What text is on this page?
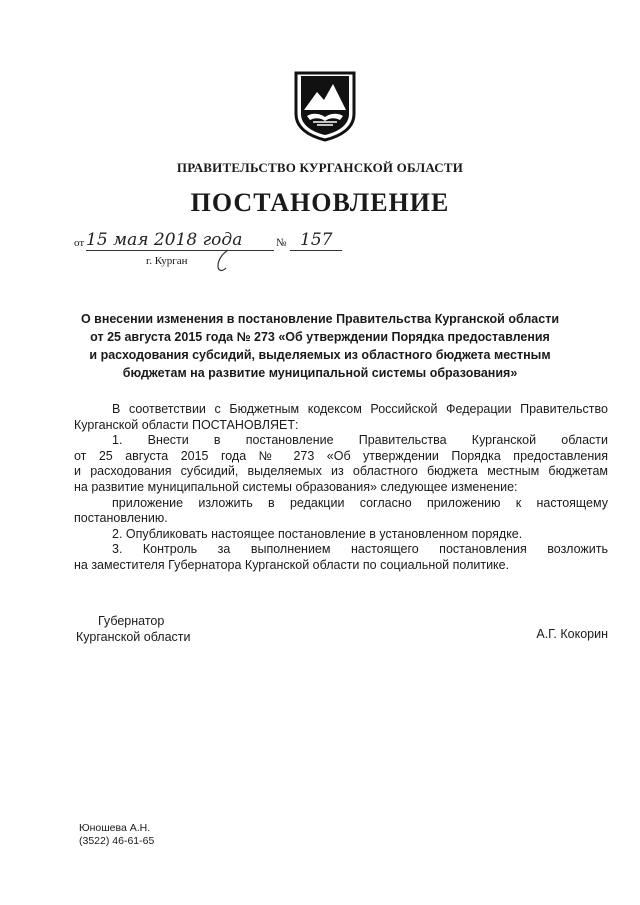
ПРАВИТЕЛЬСТВО КУРГАНСКОЙ ОБЛАСТИ
ПОСТАНОВЛЕНИЕ
от 15 мая 2018 года	№ 157
г. Курган
О внесении изменения в постановление Правительства Курганской области
от 25 августа 2015 года № 273 «Об утверждении Порядка предоставления
и расходования субсидий, выделяемых из областного бюджета местным
бюджетам на развитие муниципальной системы образования»

В соответствии с Бюджетным кодексом Российской Федерации Правительство

Курганской области ПОСТАНОВЛЯЕТ:

1. Внести в постановление Правительства Курганской области

от 25 августа 2015 года № 273 «Об утверждении Порядка предоставления

и расходования субсидий, выделяемых из областного бюджета местным бюджетам

на развитие муниципальной системы образования» следующее изменение:

приложение изложить в редакции согласно приложению к настоящему

постановлению.

2. Опубликовать настоящее постановление в установленном порядке.

3. Контроль за выполнением настоящего постановления возложить

на заместителя Губернатора Курганской области по социальной политике.

Губернатор
Курганской области	А.Г. Кокорин
Юношева А.Н.
(3522) 46-61-65
